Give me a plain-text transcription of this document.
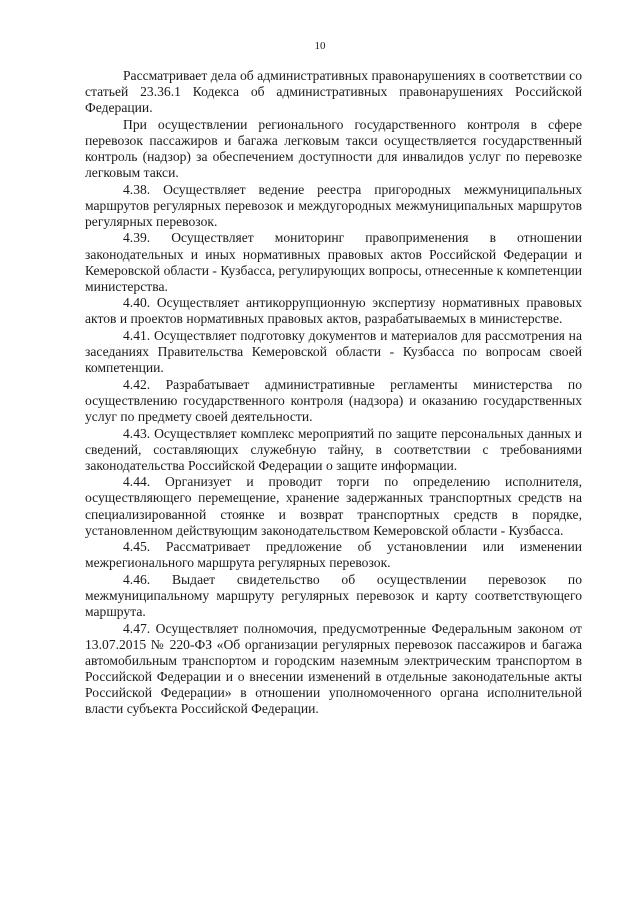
10

Рассматривает дела об административных правонарушениях в соответствии со статьей 23.36.1 Кодекса об административных правонарушениях Российской Федерации.

При осуществлении регионального государственного контроля в сфере перевозок пассажиров и багажа легковым такси осуществляется государственный контроль (надзор) за обеспечением доступности для инвалидов услуг по перевозке легковым такси.

4.38. Осуществляет ведение реестра пригородных межмуниципальных маршрутов регулярных перевозок и междугородных межмуниципальных маршрутов регулярных перевозок.

4.39. Осуществляет мониторинг правоприменения в отношении законодательных и иных нормативных правовых актов Российской Федерации и Кемеровской области - Кузбасса, регулирующих вопросы, отнесенные к компетенции министерства.

4.40. Осуществляет антикоррупционную экспертизу нормативных правовых актов и проектов нормативных правовых актов, разрабатываемых в министерстве.

4.41. Осуществляет подготовку документов и материалов для рассмотрения на заседаниях Правительства Кемеровской области - Кузбасса по вопросам своей компетенции.

4.42. Разрабатывает административные регламенты министерства по осуществлению государственного контроля (надзора) и оказанию государственных услуг по предмету своей деятельности.

4.43. Осуществляет комплекс мероприятий по защите персональных данных и сведений, составляющих служебную тайну, в соответствии с требованиями законодательства Российской Федерации о защите информации.

4.44. Организует и проводит торги по определению исполнителя, осуществляющего перемещение, хранение задержанных транспортных средств на специализированной стоянке и возврат транспортных средств в порядке, установленном действующим законодательством Кемеровской области - Кузбасса.

4.45. Рассматривает предложение об установлении или изменении межрегионального маршрута регулярных перевозок.

4.46. Выдает свидетельство об осуществлении перевозок по межмуниципальному маршруту регулярных перевозок и карту соответствующего маршрута.

4.47. Осуществляет полномочия, предусмотренные Федеральным законом от 13.07.2015 № 220-ФЗ «Об организации регулярных перевозок пассажиров и багажа автомобильным транспортом и городским наземным электрическим транспортом в Российской Федерации и о внесении изменений в отдельные законодательные акты Российской Федерации» в отношении уполномоченного органа исполнительной власти субъекта Российской Федерации.
